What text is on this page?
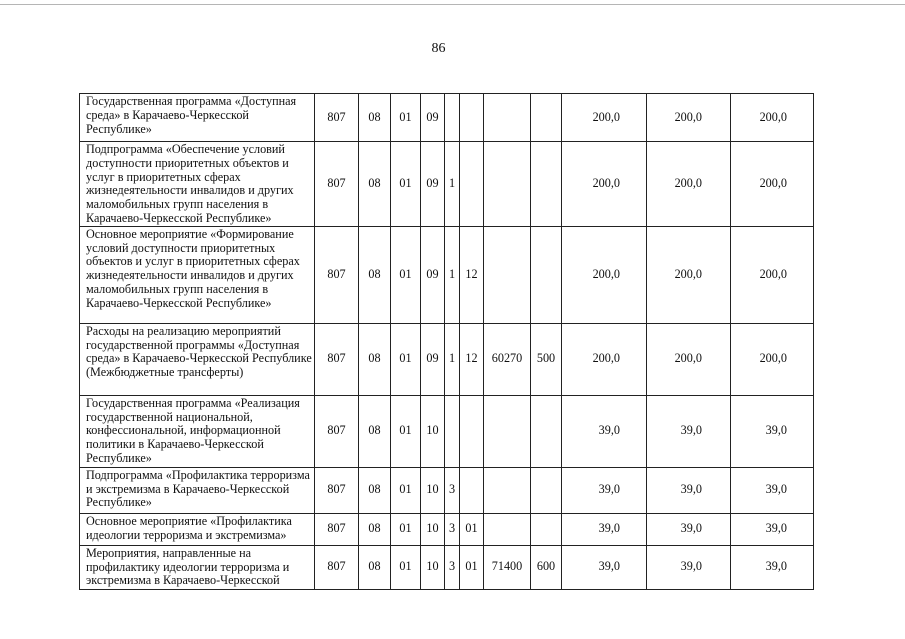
86
Государственная программа «Доступная среда» в Карачаево-Черкесской Республике»	807	08	01	09					200,0	200,0	200,0
Подпрограмма «Обеспечение условий доступности приоритетных объектов и услуг в приоритетных сферах жизнедеятельности инвалидов и других маломобильных групп населения в Карачаево-Черкесской Республике»	807	08	01	09	1				200,0	200,0	200,0
Основное мероприятие «Формирование условий доступности приоритетных объектов и услуг в приоритетных сферах жизнедеятельности инвалидов и других маломобильных групп населения в Карачаево-Черкесской Республике»	807	08	01	09	1	12			200,0	200,0	200,0
Расходы на реализацию мероприятий государственной программы «Доступная среда» в Карачаево-Черкесской Республике (Межбюджетные трансферты)	807	08	01	09	1	12	60270	500	200,0	200,0	200,0
Государственная программа «Реализация государственной национальной, конфессиональной, информационной политики в Карачаево-Черкесской Республике»	807	08	01	10					39,0	39,0	39,0
Подпрограмма «Профилактика терроризма и экстремизма в Карачаево-Черкесской Республике»	807	08	01	10	3				39,0	39,0	39,0
Основное мероприятие «Профилактика идеологии терроризма и экстремизма»	807	08	01	10	3	01			39,0	39,0	39,0
Мероприятия, направленные на профилактику идеологии терроризма и экстремизма в Карачаево-Черкесской	807	08	01	10	3	01	71400	600	39,0	39,0	39,0
